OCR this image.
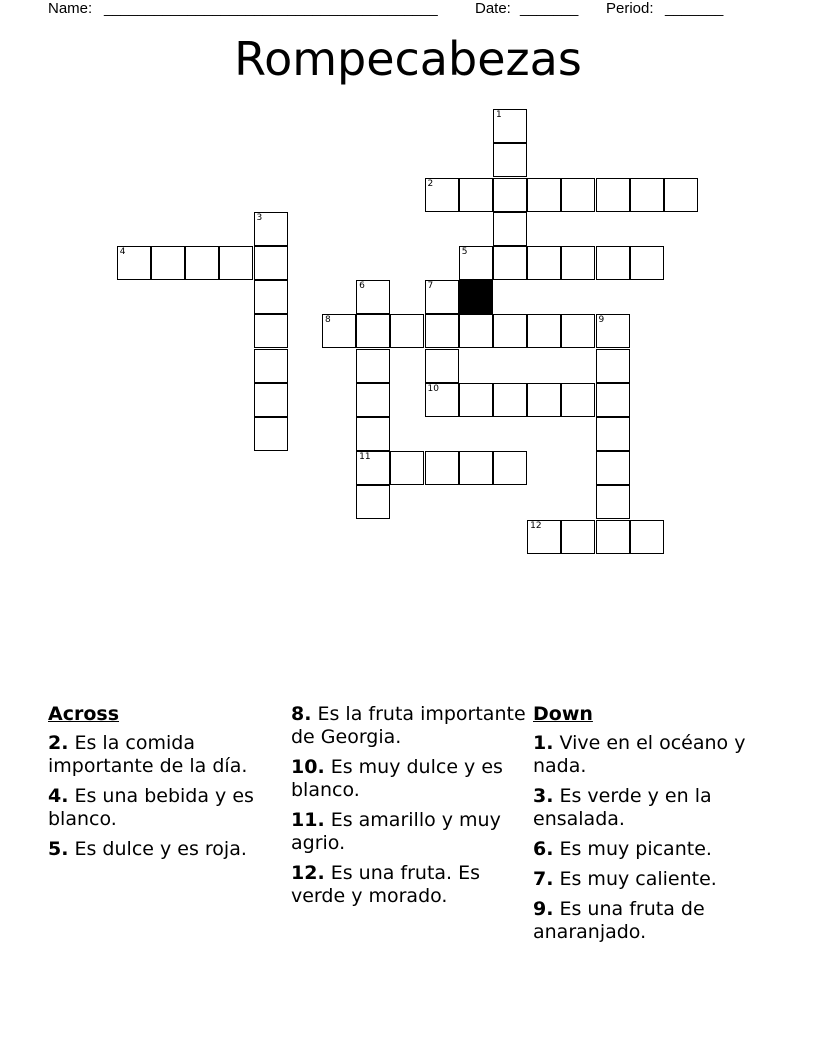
Name: ________________________________________ Date: _______ Period: _______
Rompecabezas
1
2
3
4	5
6
11
7
10
8	9
12
Across
2. Es la comida importante de la día.
4. Es una bebida y es blanco.
5. Es dulce y es roja.
8. Es la fruta importante de Georgia.
10. Es muy dulce y es blanco.
11. Es amarillo y muy agrio.
12. Es una fruta. Es verde y morado.
Down
1. Vive en el océano y nada.
3. Es verde y en la ensalada.
6. Es muy picante.
7. Es muy caliente.
9. Es una fruta de anaranjado.
